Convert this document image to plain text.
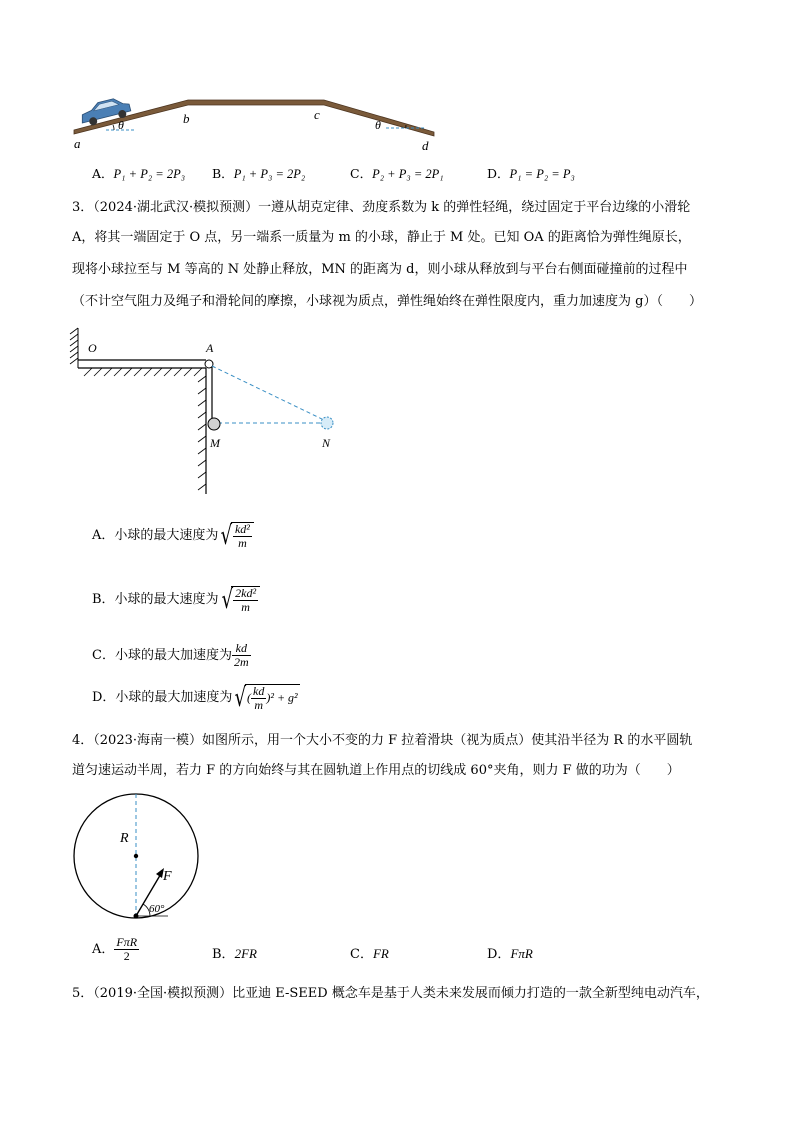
a
θ	b	c
θ
d
A．P₁ + P₂ = 2P₃ B．P₁ + P₃ = 2P₂	C．P₂ + P₃ = 2P₁	D．P₁ = P₂ = P₃
3．（2024·湖北武汉·模拟预测）一遵从胡克定律、劲度系数为 k 的弹性轻绳，绕过固定于平台边缘的小滑轮
A，将其一端固定于 O 点，另一端系一质量为 m 的小球，静止于 M 处。已知 OA 的距离恰为弹性绳原长，
现将小球拉至与 M 等高的 N 处静止释放，MN 的距离为 d，则小球从释放到与平台右侧面碰撞前的过程中
（不计空气阻力及绳子和滑轮间的摩擦，小球视为质点，弹性绳始终在弹性限度内，重力加速度为 g）（　　）
O	A
M	N
A．小球的最大速度为 √ $\frac{\text{kd²}}{m}$
B．小球的最大速度为 √ $\frac{\text{2kd²}}{m}$
C．小球的最大加速度为 $\frac{kd}{2m}$
D．小球的最大加速度为 √ ( $\frac{kd}{m} )^2 + g^2$
4．（2023·海南一模）如图所示，用一个大小不变的力 F 拉着滑块（视为质点）使其沿半径为 R 的水平圆轨
道匀速运动半周，若力 F 的方向始终与其在圆轨道上作用点的切线成 60°夹角，则力 F 做的功为（　　）
R
F
60°
A． $\frac{\text{FπR}}{2}$	B．2FR	C．FR	D．FπR
5．（2019·全国·模拟预测）比亚迪 E-SEED 概念车是基于人类未来发展而倾力打造的一款全新型纯电动汽车，
